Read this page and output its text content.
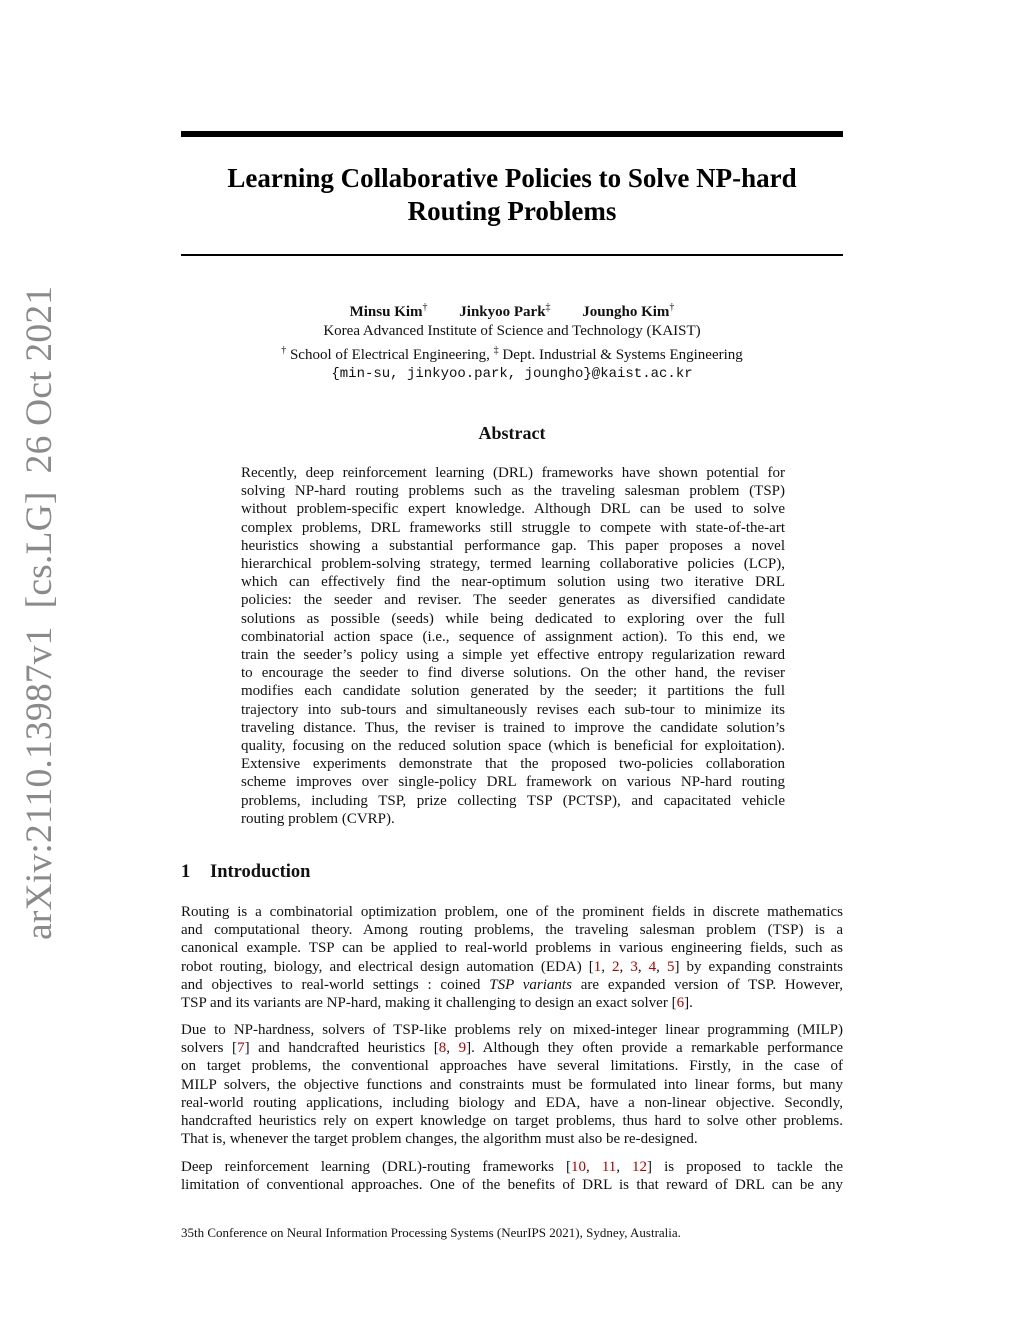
arXiv:2110.13987v1[cs.LG]26 Oct 2021
Learning Collaborative Policies to Solve NP-hard
Routing Problems
Minsu Kim† Jinkyoo Park‡ Joungho Kim†
Korea Advanced Institute of Science and Technology (KAIST)
† School of Electrical Engineering, ‡ Dept. Industrial & Systems Engineering
{min-su, jinkyoo.park, joungho}@kaist.ac.kr
Abstract
Recently, deep reinforcement learning (DRL) frameworks have shown potential for
solving NP-hard routing problems such as the traveling salesman problem (TSP)
without problem-specific expert knowledge. Although DRL can be used to solve
complex problems, DRL frameworks still struggle to compete with state-of-the-art
heuristics showing a substantial performance gap. This paper proposes a novel
hierarchical problem-solving strategy, termed learning collaborative policies (LCP),
which can effectively find the near-optimum solution using two iterative DRL
policies: the seeder and reviser. The seeder generates as diversified candidate
solutions as possible (seeds) while being dedicated to exploring over the full
combinatorial action space (i.e., sequence of assignment action). To this end, we
train the seeder’s policy using a simple yet effective entropy regularization reward
to encourage the seeder to find diverse solutions. On the other hand, the reviser
modifies each candidate solution generated by the seeder; it partitions the full
trajectory into sub-tours and simultaneously revises each sub-tour to minimize its
traveling distance. Thus, the reviser is trained to improve the candidate solution’s
quality, focusing on the reduced solution space (which is beneficial for exploitation).
Extensive experiments demonstrate that the proposed two-policies collaboration
scheme improves over single-policy DRL framework on various NP-hard routing
problems, including TSP, prize collecting TSP (PCTSP), and capacitated vehicle
routing problem (CVRP).
1 Introduction
Routing is a combinatorial optimization problem, one of the prominent fields in discrete mathematics
and computational theory. Among routing problems, the traveling salesman problem (TSP) is a
canonical example. TSP can be applied to real-world problems in various engineering fields, such as
robot routing, biology, and electrical design automation (EDA) [1, 2, 3, 4, 5] by expanding constraints
and objectives to real-world settings : coined TSP variants are expanded version of TSP. However,
TSP and its variants are NP-hard, making it challenging to design an exact solver [6].
Due to NP-hardness, solvers of TSP-like problems rely on mixed-integer linear programming (MILP)
solvers [7] and handcrafted heuristics [8, 9]. Although they often provide a remarkable performance
on target problems, the conventional approaches have several limitations. Firstly, in the case of
MILP solvers, the objective functions and constraints must be formulated into linear forms, but many
real-world routing applications, including biology and EDA, have a non-linear objective. Secondly,
handcrafted heuristics rely on expert knowledge on target problems, thus hard to solve other problems.
That is, whenever the target problem changes, the algorithm must also be re-designed.
Deep reinforcement learning (DRL)-routing frameworks [10, 11, 12] is proposed to tackle the
limitation of conventional approaches. One of the benefits of DRL is that reward of DRL can be any
35th Conference on Neural Information Processing Systems (NeurIPS 2021), Sydney, Australia.
